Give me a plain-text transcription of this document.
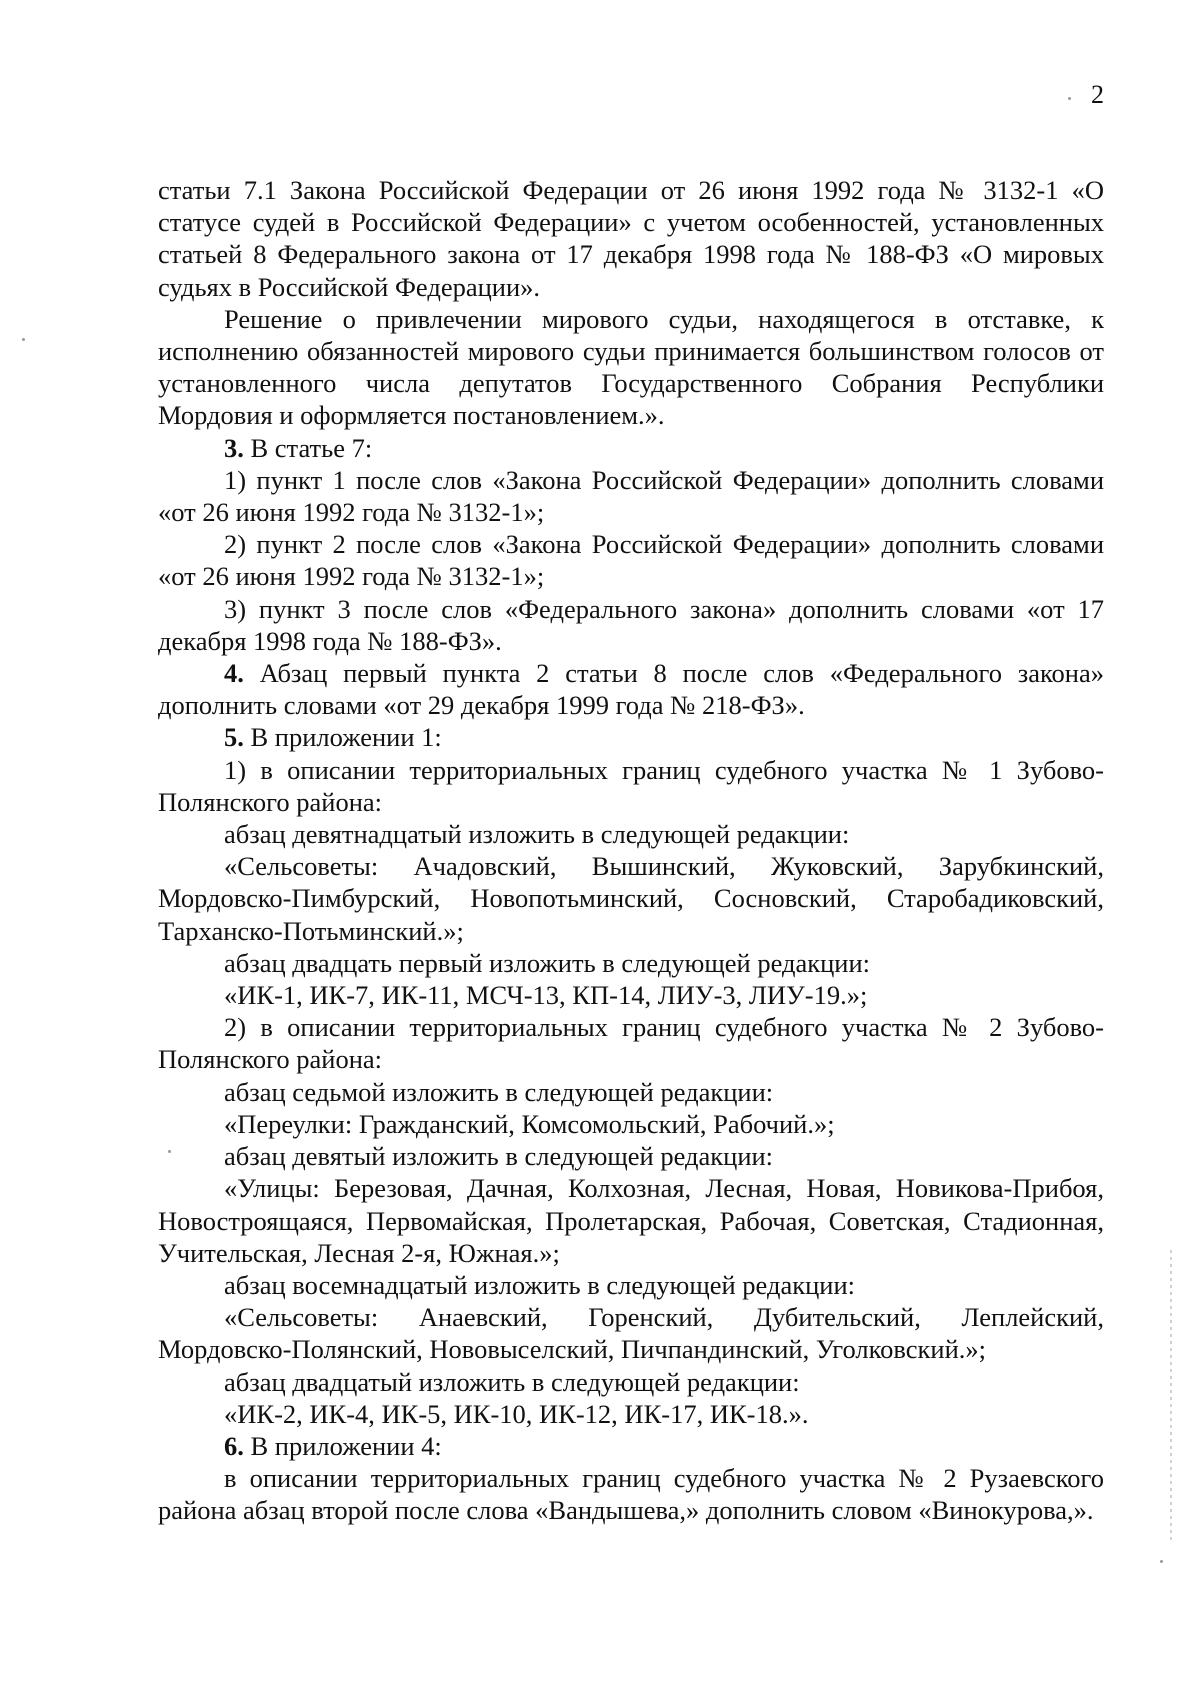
2

статьи 7.1 Закона Российской Федерации от 26 июня 1992 года № 3132-1 «О статусе судей в Российской Федерации» с учетом особенностей, установленных статьей 8 Федерального закона от 17 декабря 1998 года № 188-ФЗ «О мировых судьях в Российской Федерации».

Решение о привлечении мирового судьи, находящегося в отставке, к исполнению обязанностей мирового судьи принимается большинством голосов от установленного числа депутатов Государственного Собрания Республики Мордовия и оформляется постановлением.».

3. В статье 7:

1) пункт 1 после слов «Закона Российской Федерации» дополнить словами «от 26 июня 1992 года № 3132-1»;

2) пункт 2 после слов «Закона Российской Федерации» дополнить словами «от 26 июня 1992 года № 3132-1»;

3) пункт 3 после слов «Федерального закона» дополнить словами «от 17 декабря 1998 года № 188-ФЗ».

4. Абзац первый пункта 2 статьи 8 после слов «Федерального закона» дополнить словами «от 29 декабря 1999 года № 218-ФЗ».

5. В приложении 1:

1) в описании территориальных границ судебного участка № 1 Зубово-Полянского района:

абзац девятнадцатый изложить в следующей редакции:

«Сельсоветы: Ачадовский, Вышинский, Жуковский, Зарубкинский, Мордовско-Пимбурский, Новопотьминский, Сосновский, Старобадиковский, Тарханско-Потьминский.»;

абзац двадцать первый изложить в следующей редакции:

«ИК-1, ИК-7, ИК-11, МСЧ-13, КП-14, ЛИУ-3, ЛИУ-19.»;

2) в описании территориальных границ судебного участка № 2 Зубово-Полянского района:

абзац седьмой изложить в следующей редакции:

«Переулки: Гражданский, Комсомольский, Рабочий.»;

абзац девятый изложить в следующей редакции:

«Улицы: Березовая, Дачная, Колхозная, Лесная, Новая, Новикова-Прибоя, Новостроящаяся, Первомайская, Пролетарская, Рабочая, Советская, Стадионная, Учительская, Лесная 2-я, Южная.»;

абзац восемнадцатый изложить в следующей редакции:

«Сельсоветы: Анаевский, Горенский, Дубительский, Леплейский, Мордовско-Полянский, Нововыселский, Пичпандинский, Уголковский.»;

абзац двадцатый изложить в следующей редакции:

«ИК-2, ИК-4, ИК-5, ИК-10, ИК-12, ИК-17, ИК-18.».

6. В приложении 4:

в описании территориальных границ судебного участка № 2 Рузаевского района абзац второй после слова «Вандышева,» дополнить словом «Винокурова,».
